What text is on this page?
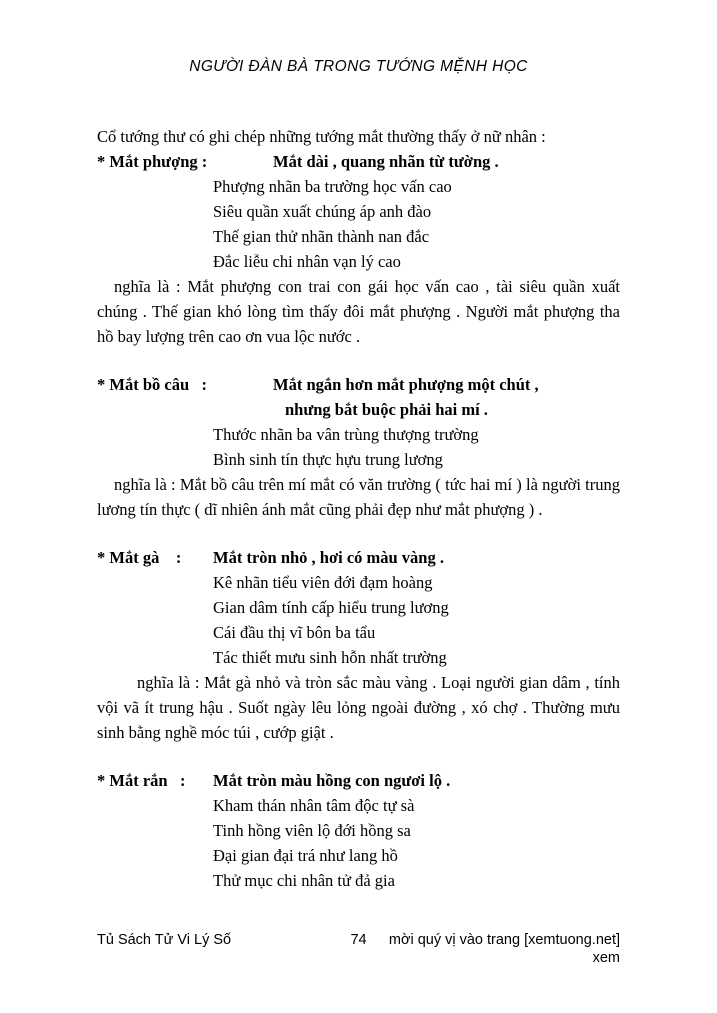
NGƯỜI ĐÀN BÀ TRONG TƯỚNG MỆNH HỌC

Cổ tướng thư có ghi chép những tướng mắt thường thấy ở nữ nhân :

* Mắt phượng :	Mắt dài , quang nhãn từ tường .
Phượng nhãn ba trường học vấn cao
Siêu quần xuất chúng áp anh đào
Thế gian thử nhãn thành nan đắc
Đắc liễu chi nhân vạn lý cao

nghĩa là : Mắt phượng con trai con gái học vấn cao , tài siêu quần xuất chúng . Thế gian khó lòng tìm thấy đôi mắt phượng . Người mắt phượng tha hồ bay lượng trên cao ơn vua lộc nước .

* Mắt bồ câu   :	Mắt ngắn hơn mắt phượng một chút ,
nhưng bắt buộc phải hai mí .
Thước nhãn ba vân trùng thượng trường
Bình sinh tín thực hựu trung lương

nghĩa là : Mắt bồ câu trên mí mắt có văn trường ( tức hai mí ) là người trung lương tín thực ( dĩ nhiên ánh mắt cũng phải đẹp như mắt phượng ) .

* Mắt gà    :	Mắt tròn nhỏ , hơi có màu vàng .
Kê nhãn tiểu viên đới đạm hoàng
Gian dâm tính cấp hiểu trung lương
Cái đầu thị vĩ bôn ba tẩu
Tác thiết mưu sinh hỗn nhất trường

nghĩa là : Mắt gà nhỏ và tròn sắc màu vàng . Loại người gian dâm , tính vội vã ít trung hậu . Suốt ngày lêu lỏng ngoài đường , xó chợ . Thường mưu sinh bằng nghề móc túi , cướp giật .

* Mắt rắn   :	Mắt tròn màu hồng con ngươi lộ .
Kham thán nhân tâm độc tự sà
Tinh hồng viên lộ đới hồng sa
Đại gian đại trá như lang hồ
Thử mục chi nhân tử đả gia
Tủ Sách Tử Vi Lý Số	74	mời quý vị vào trang [xemtuong.net] xem
